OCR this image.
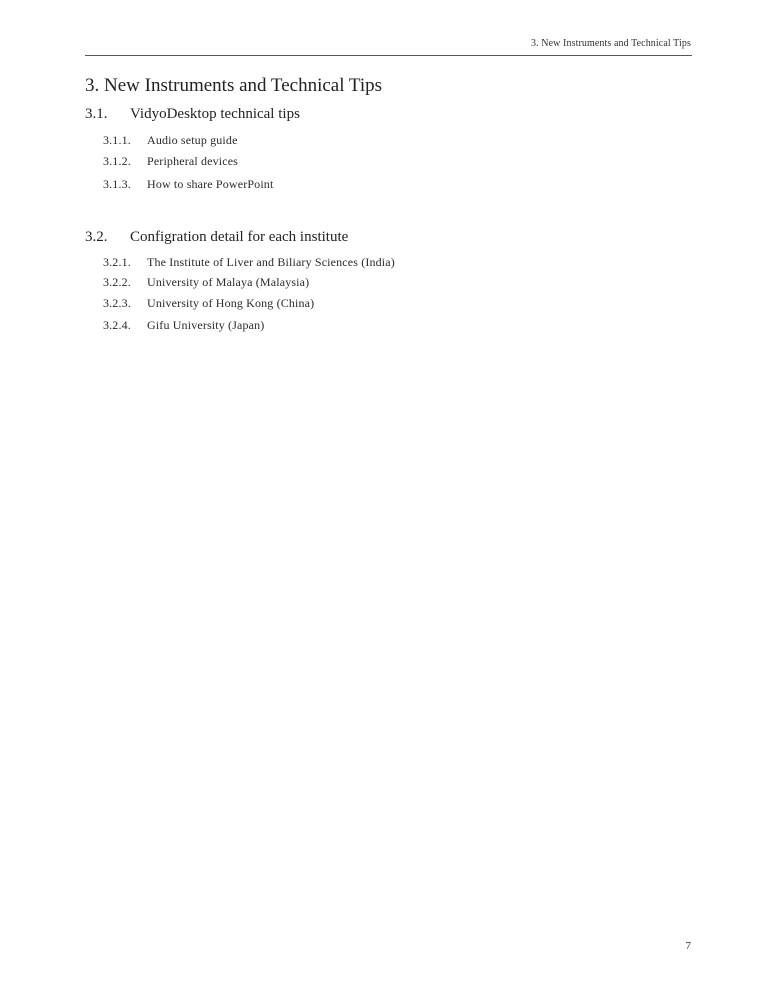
3. New Instruments and Technical Tips
3. New Instruments and Technical Tips
3.1. VidyoDesktop technical tips
3.1.1. Audio setup guide
3.1.2. Peripheral devices
3.1.3. How to share PowerPoint
3.2. Configration detail for each institute
3.2.1. The Institute of Liver and Biliary Sciences (India)
3.2.2. University of Malaya (Malaysia)
3.2.3. University of Hong Kong (China)
3.2.4. Gifu University (Japan)
7
